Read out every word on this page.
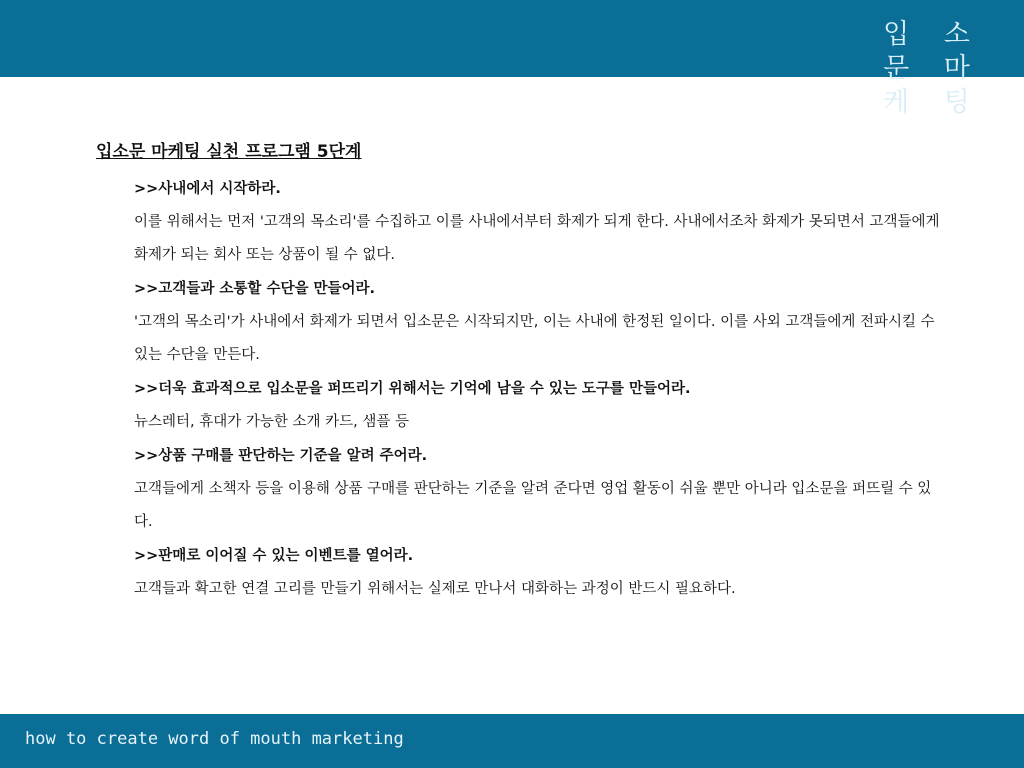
입 소 문 마 케 팅
입소문 마케팅 실천 프로그램 5단계
>>사내에서 시작하라.
이를 위해서는 먼저 '고객의 목소리'를 수집하고 이를 사내에서부터 화제가 되게 한다. 사내에서조차 화제가 못되면서 고객들에게 화제가 되는 회사 또는 상품이 될 수 없다.
>>고객들과 소통할 수단을 만들어라.
'고객의 목소리'가 사내에서 화제가 되면서 입소문은 시작되지만, 이는 사내에 한정된 일이다. 이를 사외 고객들에게 전파시킬 수 있는 수단을 만든다.
>>더욱 효과적으로 입소문을 퍼뜨리기 위해서는 기억에 남을 수 있는 도구를 만들어라.
뉴스레터, 휴대가 가능한 소개 카드, 샘플 등
>>상품 구매를 판단하는 기준을 알려 주어라.
고객들에게 소책자 등을 이용해 상품 구매를 판단하는 기준을 알려 준다면 영업 활동이 쉬울 뿐만 아니라 입소문을 퍼뜨릴 수 있다.
>>판매로 이어질 수 있는 이벤트를 열어라.
고객들과 확고한 연결 고리를 만들기 위해서는 실제로 만나서 대화하는 과정이 반드시 필요하다.
how to create word of mouth marketing
